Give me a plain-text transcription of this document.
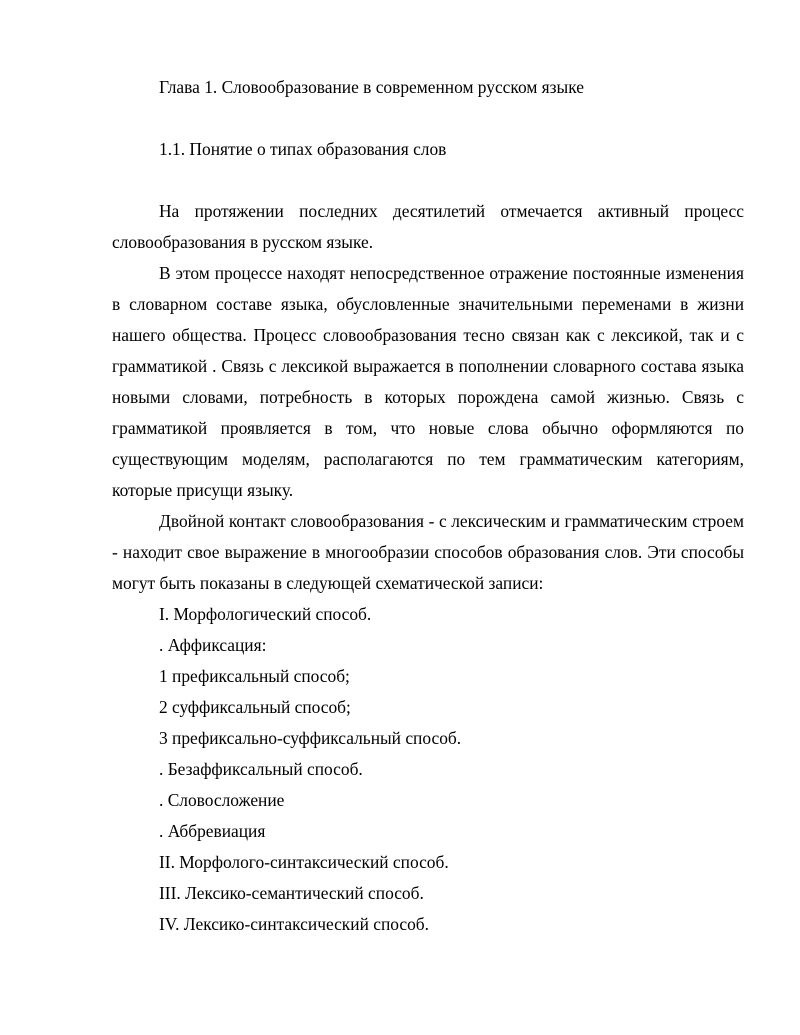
Глава 1. Словообразование в современном русском языке
1.1. Понятие о типах образования слов

На протяжении последних десятилетий отмечается активный процесс словообразования в русском языке.

В этом процессе находят непосредственное отражение постоянные изменения в словарном составе языка, обусловленные значительными переменами в жизни нашего общества. Процесс словообразования тесно связан как с лексикой, так и с грамматикой . Связь с лексикой выражается в пополнении словарного состава языка новыми словами, потребность в которых порождена самой жизнью. Связь с грамматикой проявляется в том, что новые слова обычно оформляются по существующим моделям, располагаются по тем грамматическим категориям, которые присущи языку.

Двойной контакт словообразования - с лексическим и грамматическим строем - находит свое выражение в многообразии способов образования слов. Эти способы могут быть показаны в следующей схематической записи:

I. Морфологический способ.
. Аффиксация:
1 префиксальный способ;
2 суффиксальный способ;
3 префиксально-суффиксальный способ.
. Безаффиксальный способ.
. Словосложение
. Аббревиация
II. Морфолого-синтаксический способ.
III. Лексико-семантический способ.
IV. Лексико-синтаксический способ.
